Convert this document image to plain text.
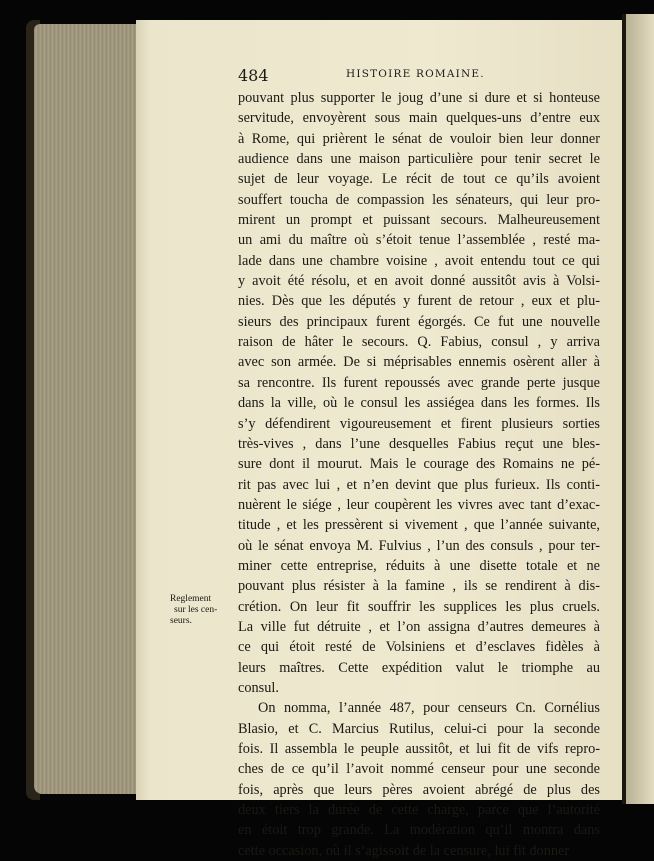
484	HISTOIRE ROMAINE.
Reglement
sur les cen-
seurs.
pouvant plus supporter le joug d’une si dure et si honteuse
servitude, envoyèrent sous main quelques-uns d’entre eux
à Rome, qui prièrent le sénat de vouloir bien leur donner
audience dans une maison particulière pour tenir secret le
sujet de leur voyage. Le récit de tout ce qu’ils avoient
souffert toucha de compassion les sénateurs, qui leur pro-
mirent un prompt et puissant secours. Malheureusement
un ami du maître où s’étoit tenue l’assemblée , resté ma-
lade dans une chambre voisine , avoit entendu tout ce qui
y avoit été résolu, et en avoit donné aussitôt avis à Volsi-
nies. Dès que les députés y furent de retour , eux et plu-
sieurs des principaux furent égorgés. Ce fut une nouvelle
raison de hâter le secours. Q. Fabius, consul , y arriva
avec son armée. De si méprisables ennemis osèrent aller à
sa rencontre. Ils furent repoussés avec grande perte jusque
dans la ville, où le consul les assiégea dans les formes. Ils
s’y défendirent vigoureusement et firent plusieurs sorties
très-vives , dans l’une desquelles Fabius reçut une bles-
sure dont il mourut. Mais le courage des Romains ne pé-
rit pas avec lui , et n’en devint que plus furieux. Ils conti-
nuèrent le siége , leur coupèrent les vivres avec tant d’exac-
titude , et les pressèrent si vivement , que l’année suivante,
où le sénat envoya M. Fulvius , l’un des consuls , pour ter-
miner cette entreprise, réduits à une disette totale et ne
pouvant plus résister à la famine , ils se rendirent à dis-
crétion. On leur fit souffrir les supplices les plus cruels.
La ville fut détruite , et l’on assigna d’autres demeures à
ce qui étoit resté de Volsiniens et d’esclaves fidèles à
leurs maîtres. Cette expédition valut le triomphe au
consul.
On nomma, l’année 487, pour censeurs Cn. Cornélius
Blasio, et C. Marcius Rutilus, celui-ci pour la seconde
fois. Il assembla le peuple aussitôt, et lui fit de vifs repro-
ches de ce qu’il l’avoit nommé censeur pour une seconde
fois, après que leurs pères avoient abrégé de plus des
deux tiers la durée de cette charge, parce que l’autorité
en étoit trop grande. La modération qu’il montra dans
cette occasion, où il s’agissoit de la censure, lui fit donner
